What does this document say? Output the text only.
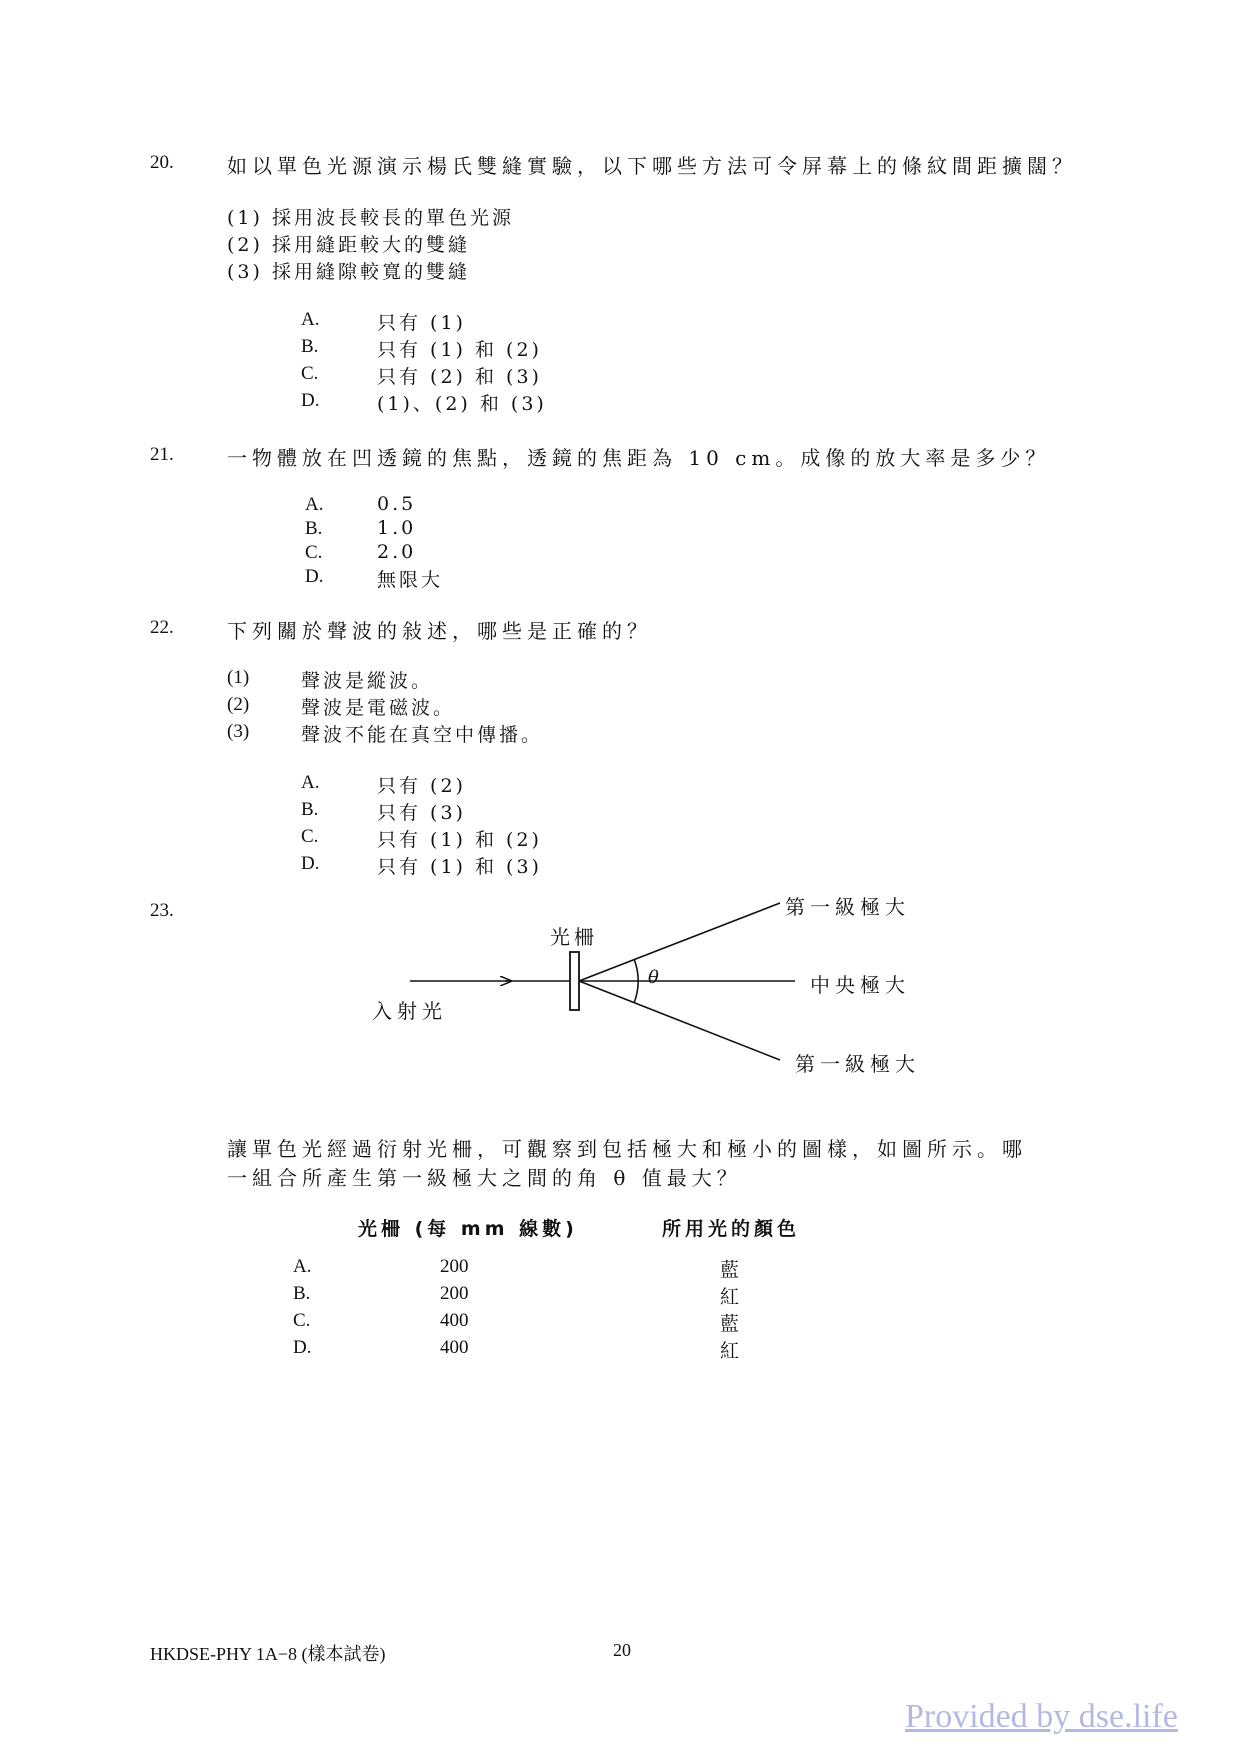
20.	如以單色光源演示楊氏雙縫實驗，以下哪些方法可令屏幕上的條紋間距擴闊？
(1) 採用波長較長的單色光源
(2) 採用縫距較大的雙縫
(3) 採用縫隙較寬的雙縫
A.	只有 (1)
B.	只有 (1) 和 (2)
C.	只有 (2) 和 (3)
D.	(1)、(2) 和 (3)
21.	一物體放在凹透鏡的焦點，透鏡的焦距為 10 cm。成像的放大率是多少？
A.	0.5
B.	1.0
C.	2.0
D.	無限大
22.	下列關於聲波的敍述，哪些是正確的？
(1)	聲波是縱波。
(2)	聲波是電磁波。
(3)	聲波不能在真空中傳播。
A.	只有 (2)
B.	只有 (3)
C.	只有 (1) 和 (2)
D.	只有 (1) 和 (3)
23.
光柵
入射光
第一級極大
中央極大
第一級極大
θ
讓單色光經過衍射光柵，可觀察到包括極大和極小的圖樣，如圖所示。哪
一組合所產生第一級極大之間的角 θ 值最大？
光柵 (每 mm 線數)	所用光的顏色
A.	200	藍
B.	200	紅
C.	400	藍
D.	400	紅
HKDSE-PHY 1A−8 (樣本試卷)	20
Provided by dse.life
